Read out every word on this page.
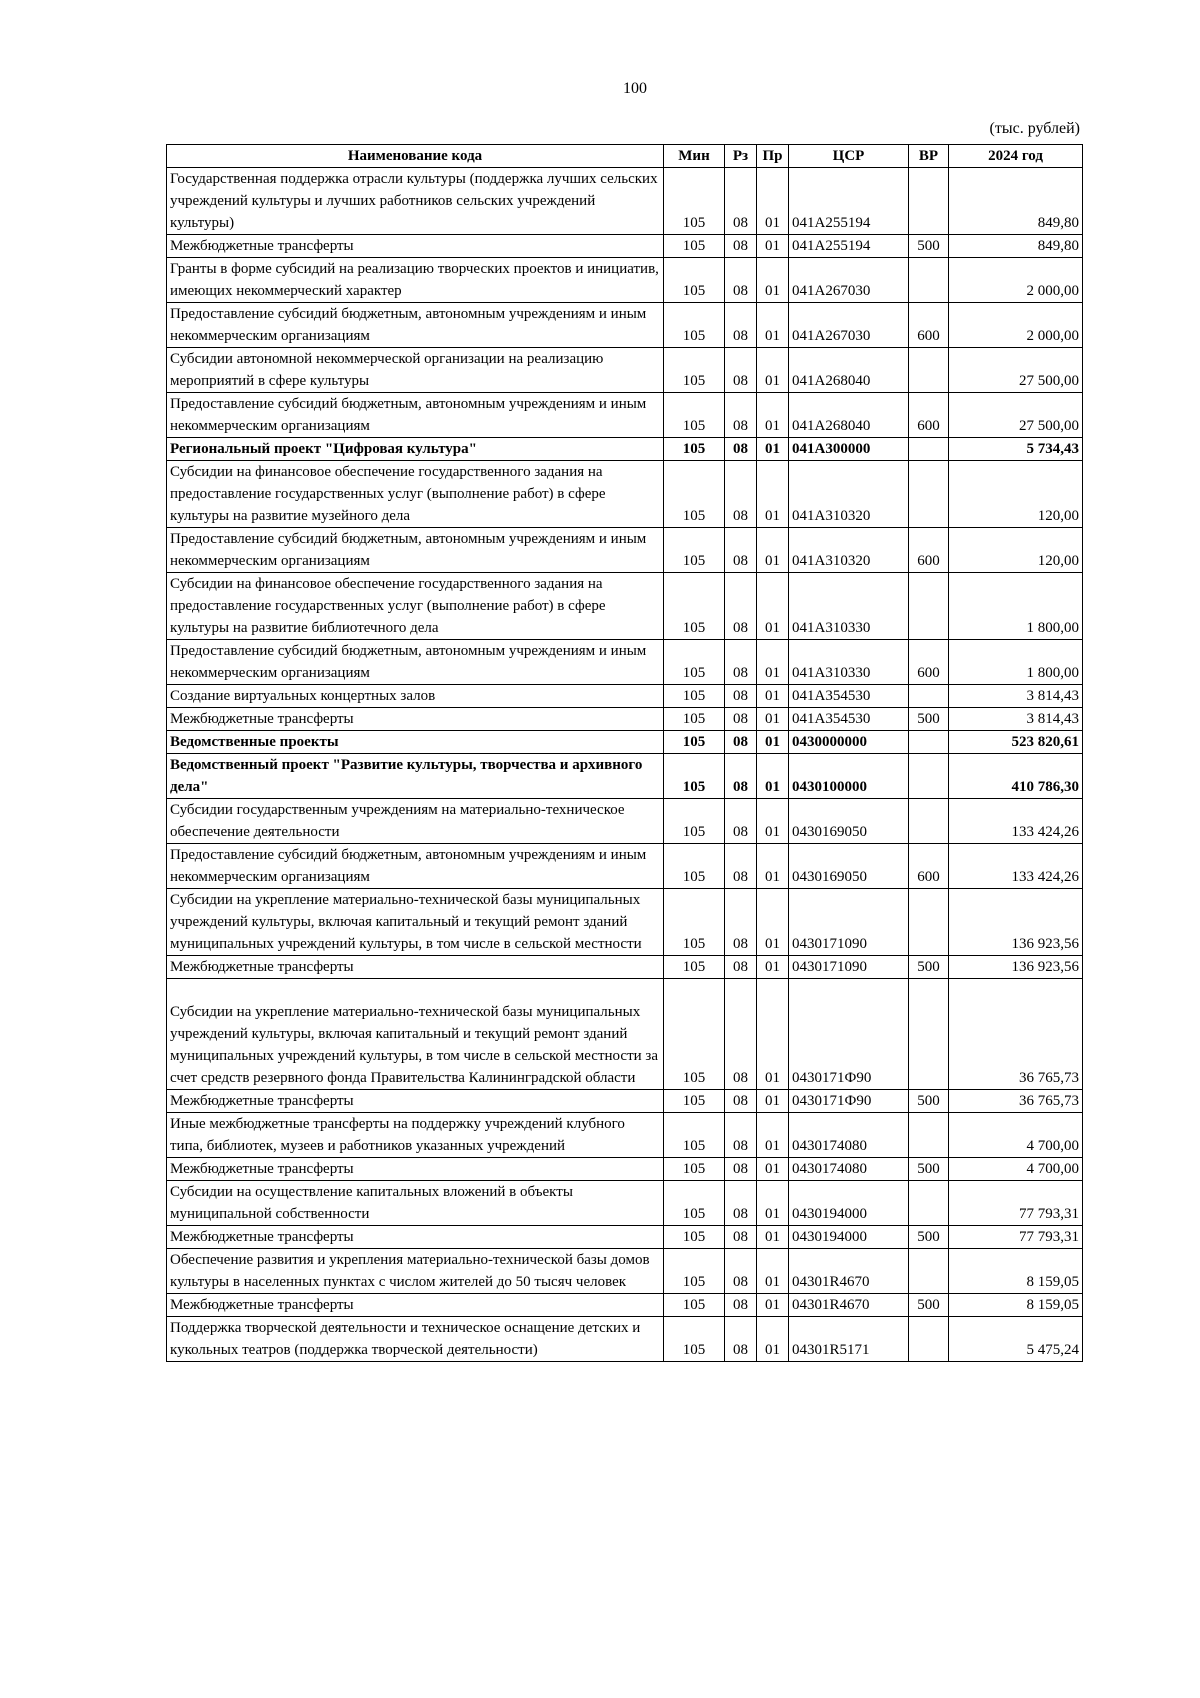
100
(тыс. рублей)
Наименование кода	Мин	Рз	Пр	ЦСР	ВР	2024 год
Государственная поддержка отрасли культуры (поддержка лучших сельских учреждений культуры и лучших работников сельских учреждений культуры)	105	08	01	041A255194		849,80
Межбюджетные трансферты	105	08	01	041A255194	500	849,80
Гранты в форме субсидий на реализацию творческих проектов и инициатив, имеющих некоммерческий характер	105	08	01	041A267030		2 000,00
Предоставление субсидий бюджетным, автономным учреждениям и иным некоммерческим организациям	105	08	01	041A267030	600	2 000,00
Субсидии автономной некоммерческой организации на реализацию мероприятий в сфере культуры	105	08	01	041A268040		27 500,00
Предоставление субсидий бюджетным, автономным учреждениям и иным некоммерческим организациям	105	08	01	041A268040	600	27 500,00
Региональный проект "Цифровая культура"	105	08	01	041A300000		5 734,43
Субсидии на финансовое обеспечение государственного задания на предоставление государственных услуг (выполнение работ) в сфере культуры на развитие музейного дела	105	08	01	041A310320		120,00
Предоставление субсидий бюджетным, автономным учреждениям и иным некоммерческим организациям	105	08	01	041A310320	600	120,00
Субсидии на финансовое обеспечение государственного задания на предоставление государственных услуг (выполнение работ) в сфере культуры на развитие библиотечного дела	105	08	01	041A310330		1 800,00
Предоставление субсидий бюджетным, автономным учреждениям и иным некоммерческим организациям	105	08	01	041A310330	600	1 800,00
Создание виртуальных концертных залов	105	08	01	041A354530		3 814,43
Межбюджетные трансферты	105	08	01	041A354530	500	3 814,43
Ведомственные проекты	105	08	01	0430000000		523 820,61
Ведомственный проект "Развитие культуры, творчества и архивного дела"	105	08	01	0430100000		410 786,30
Субсидии государственным учреждениям на материально-техническое обеспечение деятельности	105	08	01	0430169050		133 424,26
Предоставление субсидий бюджетным, автономным учреждениям и иным некоммерческим организациям	105	08	01	0430169050	600	133 424,26
Субсидии на укрепление материально-технической базы муниципальных учреждений культуры, включая капитальный и текущий ремонт зданий муниципальных учреждений культуры, в том числе в сельской местности	105	08	01	0430171090		136 923,56
Межбюджетные трансферты	105	08	01	0430171090	500	136 923,56
Субсидии на укрепление материально-технической базы муниципальных учреждений культуры, включая капитальный и текущий ремонт зданий муниципальных учреждений культуры, в том числе в сельской местности за счет средств резервного фонда Правительства Калининградской области	105	08	01	0430171Ф90		36 765,73
Межбюджетные трансферты	105	08	01	0430171Ф90	500	36 765,73
Иные межбюджетные трансферты на поддержку учреждений клубного типа, библиотек, музеев и работников указанных учреждений	105	08	01	0430174080		4 700,00
Межбюджетные трансферты	105	08	01	0430174080	500	4 700,00
Субсидии на осуществление капитальных вложений в объекты муниципальной собственности	105	08	01	0430194000		77 793,31
Межбюджетные трансферты	105	08	01	0430194000	500	77 793,31
Обеспечение развития и укрепления материально-технической базы домов культуры в населенных пунктах с числом жителей до 50 тысяч человек	105	08	01	04301R4670		8 159,05
Межбюджетные трансферты	105	08	01	04301R4670	500	8 159,05
Поддержка творческой деятельности и техническое оснащение детских и кукольных театров (поддержка творческой деятельности)	105	08	01	04301R5171		5 475,24
